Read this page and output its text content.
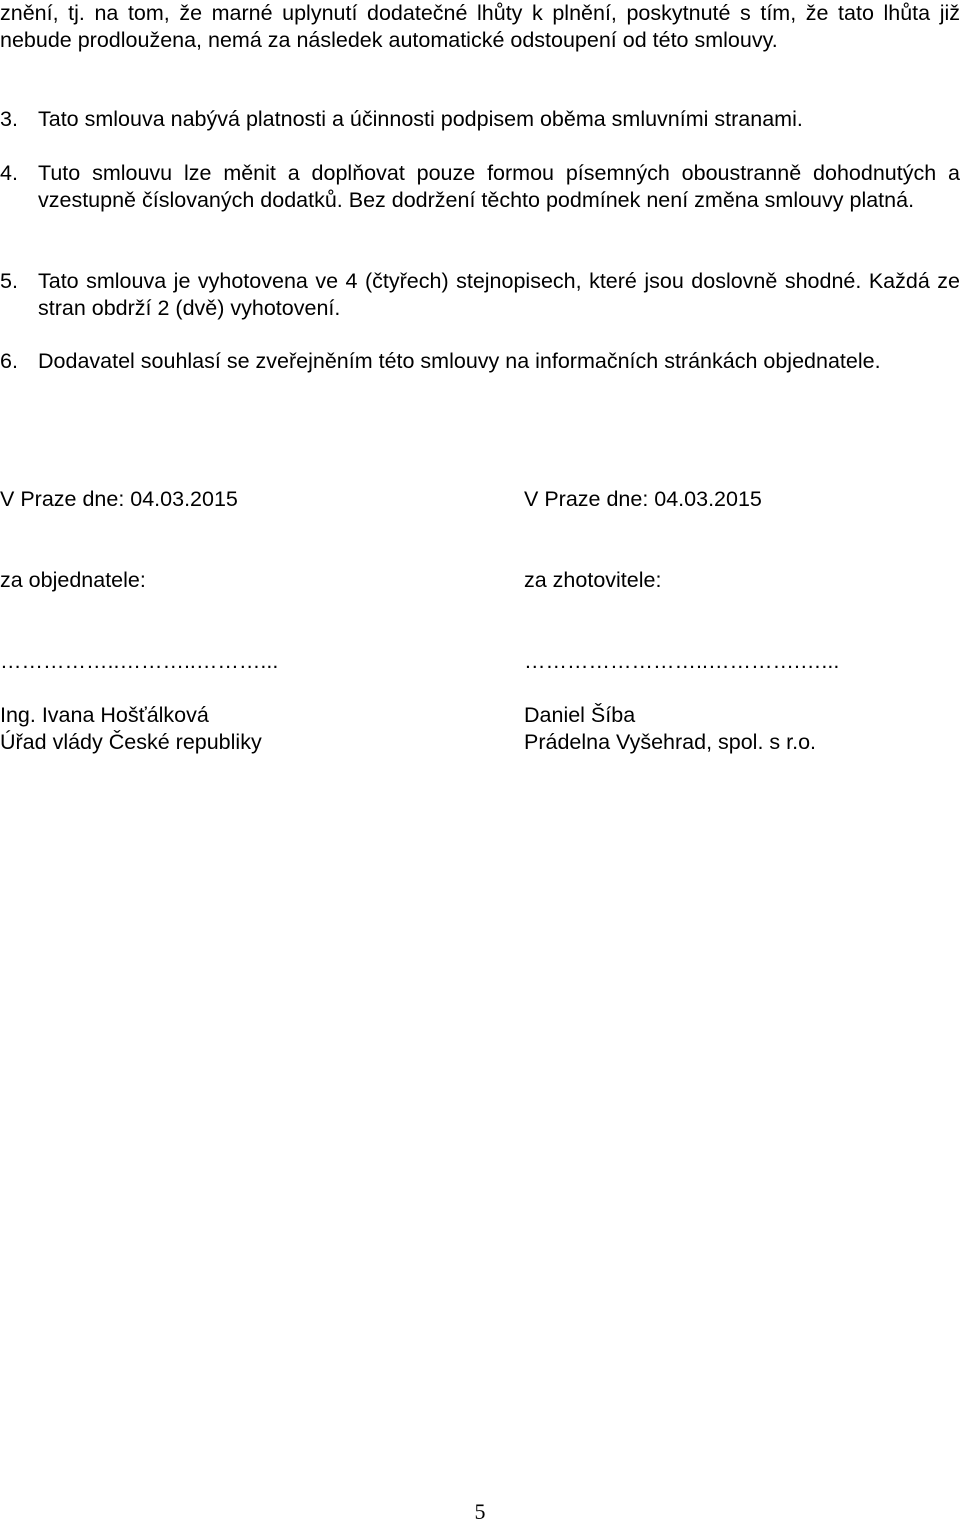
znění, tj. na tom, že marné uplynutí dodatečné lhůty k plnění, poskytnuté s tím, že tato lhůta již nebude prodloužena, nemá za následek automatické odstoupení od této smlouvy.
3. Tato smlouva nabývá platnosti a účinnosti podpisem oběma smluvními stranami.
4. Tuto smlouvu lze měnit a doplňovat pouze formou písemných oboustranně dohodnutých a vzestupně číslovaných dodatků. Bez dodržení těchto podmínek není změna smlouvy platná.
5. Tato smlouva je vyhotovena ve 4 (čtyřech) stejnopisech, které jsou doslovně shodné. Každá ze stran obdrží 2 (dvě) vyhotovení.
6. Dodavatel souhlasí se zveřejněním této smlouvy na informačních stránkách objednatele.
V Praze dne: 04.03.2015
za objednatele:
……………..………..………...
Ing. Ivana Hošťálková
Úřad vlády České republiky
V Praze dne: 04.03.2015
za zhotovitele:
……………………..………….…...
Daniel Šíba
Prádelna Vyšehrad, spol. s r.o.
5
